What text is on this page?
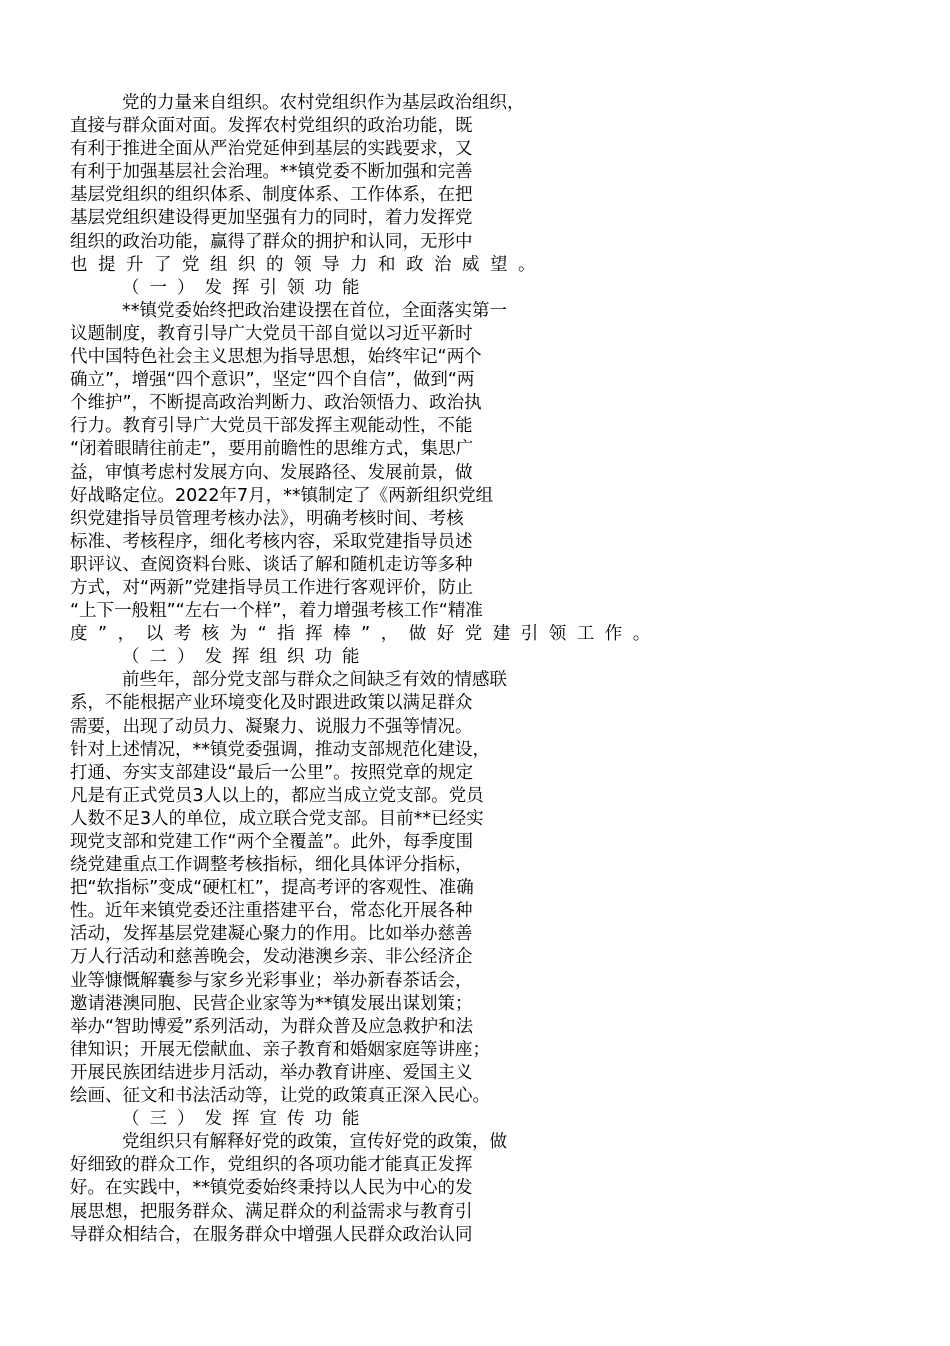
党的力量来自组织。农村党组织作为基层政治组织，
直接与群众面对面。发挥农村党组织的政治功能，既
有利于推进全面从严治党延伸到基层的实践要求，又
有利于加强基层社会治理。**镇党委不断加强和完善
基层党组织的组织体系、制度体系、工作体系，在把
基层党组织建设得更加坚强有力的同时，着力发挥党
组织的政治功能，赢得了群众的拥护和认同，无形中
也提升了党组织的领导力和政治威望。
（一）发挥引领功能
**镇党委始终把政治建设摆在首位，全面落实第一
议题制度，教育引导广大党员干部自觉以习近平新时
代中国特色社会主义思想为指导思想，始终牢记“两个
确立”，增强“四个意识”，坚定“四个自信”，做到“两
个维护”，不断提高政治判断力、政治领悟力、政治执
行力。教育引导广大党员干部发挥主观能动性，不能
“闭着眼睛往前走”，要用前瞻性的思维方式，集思广
益，审慎考虑村发展方向、发展路径、发展前景，做
好战略定位。2022年7月，**镇制定了《两新组织党组
织党建指导员管理考核办法》，明确考核时间、考核
标准、考核程序，细化考核内容，采取党建指导员述
职评议、查阅资料台账、谈话了解和随机走访等多种
方式，对“两新”党建指导员工作进行客观评价，防止
“上下一般粗”“左右一个样”，着力增强考核工作“精准
度”，以考核为“指挥棒”，做好党建引领工作。
（二）发挥组织功能
前些年，部分党支部与群众之间缺乏有效的情感联
系，不能根据产业环境变化及时跟进政策以满足群众
需要，出现了动员力、凝聚力、说服力不强等情况。
针对上述情况，**镇党委强调，推动支部规范化建设，
打通、夯实支部建设“最后一公里”。按照党章的规定
凡是有正式党员3人以上的，都应当成立党支部。党员
人数不足3人的单位，成立联合党支部。目前**已经实
现党支部和党建工作“两个全覆盖”。此外，每季度围
绕党建重点工作调整考核指标，细化具体评分指标，
把“软指标”变成“硬杠杠”，提高考评的客观性、准确
性。近年来镇党委还注重搭建平台，常态化开展各种
活动，发挥基层党建凝心聚力的作用。比如举办慈善
万人行活动和慈善晚会，发动港澳乡亲、非公经济企
业等慷慨解囊参与家乡光彩事业；举办新春茶话会，
邀请港澳同胞、民营企业家等为**镇发展出谋划策；
举办“智助博爱”系列活动，为群众普及应急救护和法
律知识；开展无偿献血、亲子教育和婚姻家庭等讲座；
开展民族团结进步月活动，举办教育讲座、爱国主义
绘画、征文和书法活动等，让党的政策真正深入民心。
（三）发挥宣传功能
党组织只有解释好党的政策，宣传好党的政策，做
好细致的群众工作，党组织的各项功能才能真正发挥
好。在实践中，**镇党委始终秉持以人民为中心的发
展思想，把服务群众、满足群众的利益需求与教育引
导群众相结合，在服务群众中增强人民群众政治认同
